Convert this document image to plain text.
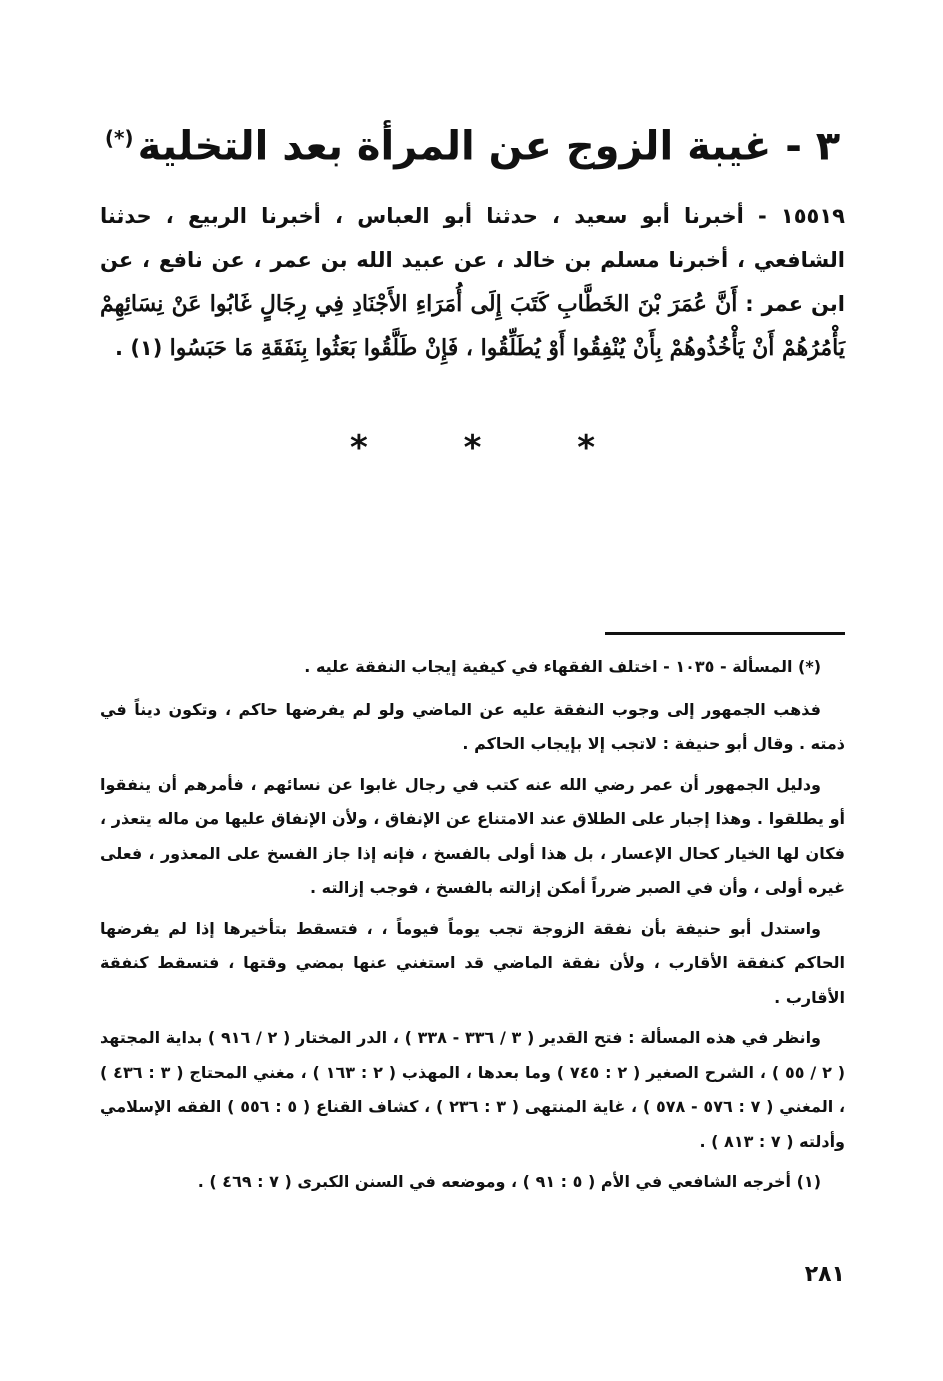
٣ - غيبة الزوج عن المرأة بعد التخلية(*)

١٥٥١٩ - أخبرنا أبو سعيد ، حدثنا أبو العباس ، أخبرنا الربيع ، حدثنا الشافعي ، أخبرنا مسلم بن خالد ، عن عبيد الله بن عمر ، عن نافع ، عن ابن عمر : أَنَّ عُمَرَ بْنَ الخَطَّابِ كَتَبَ إِلَى أُمَرَاءِ الأَجْنَادِ فِي رِجَالٍ غَابُوا عَنْ نِسَائِهِمْ يَأْمُرُهُمْ أَنْ يَأْخُذُوهُمْ بِأَنْ يُنْفِقُوا أَوْ يُطَلِّقُوا ، فَإِنْ طَلَّقُوا بَعَثُوا بِنَفَقَةِ مَا حَبَسُوا (١) .

* * *

(*) المسألة - ١٠٣٥ - اختلف الفقهاء في كيفية إيجاب النفقة عليه .

فذهب الجمهور إلى وجوب النفقة عليه عن الماضي ولو لم يفرضها حاكم ، وتكون ديناً في ذمته . وقال أبو حنيفة : لاتجب إلا بإيجاب الحاكم .

ودليل الجمهور أن عمر رضي الله عنه كتب في رجال غابوا عن نسائهم ، فأمرهم أن ينفقوا أو يطلقوا . وهذا إجبار على الطلاق عند الامتناع عن الإنفاق ، ولأن الإنفاق عليها من ماله يتعذر ، فكان لها الخيار كحال الإعسار ، بل هذا أولى بالفسخ ، فإنه إذا جاز الفسخ على المعذور ، فعلى غيره أولى ، وأن في الصبر ضرراً أمكن إزالته بالفسخ ، فوجب إزالته .

واستدل أبو حنيفة بأن نفقة الزوجة تجب يوماً فيوماً ، ، فتسقط بتأخيرها إذا لم يفرضها الحاكم كنفقة الأقارب ، ولأن نفقة الماضي قد استغني عنها بمضي وقتها ، فتسقط كنفقة الأقارب .

وانظر في هذه المسألة : فتح القدير ( ٣ / ٣٣٦ - ٣٣٨ ) ، الدر المختار ( ٢ / ٩١٦ ) بداية المجتهد ( ٢ / ٥٥ ) ، الشرح الصغير ( ٢ : ٧٤٥ ) وما بعدها ، المهذب ( ٢ : ١٦٣ ) ، مغني المحتاج ( ٣ : ٤٣٦ ) ، المغني ( ٧ : ٥٧٦ - ٥٧٨ ) ، غاية المنتهى ( ٣ : ٢٣٦ ) ، كشاف القناع ( ٥ : ٥٥٦ ) الفقه الإسلامي وأدلته ( ٧ : ٨١٣ ) .

(١) أخرجه الشافعي في الأم ( ٥ : ٩١ ) ، وموضعه في السنن الكبرى ( ٧ : ٤٦٩ ) .

٢٨١
